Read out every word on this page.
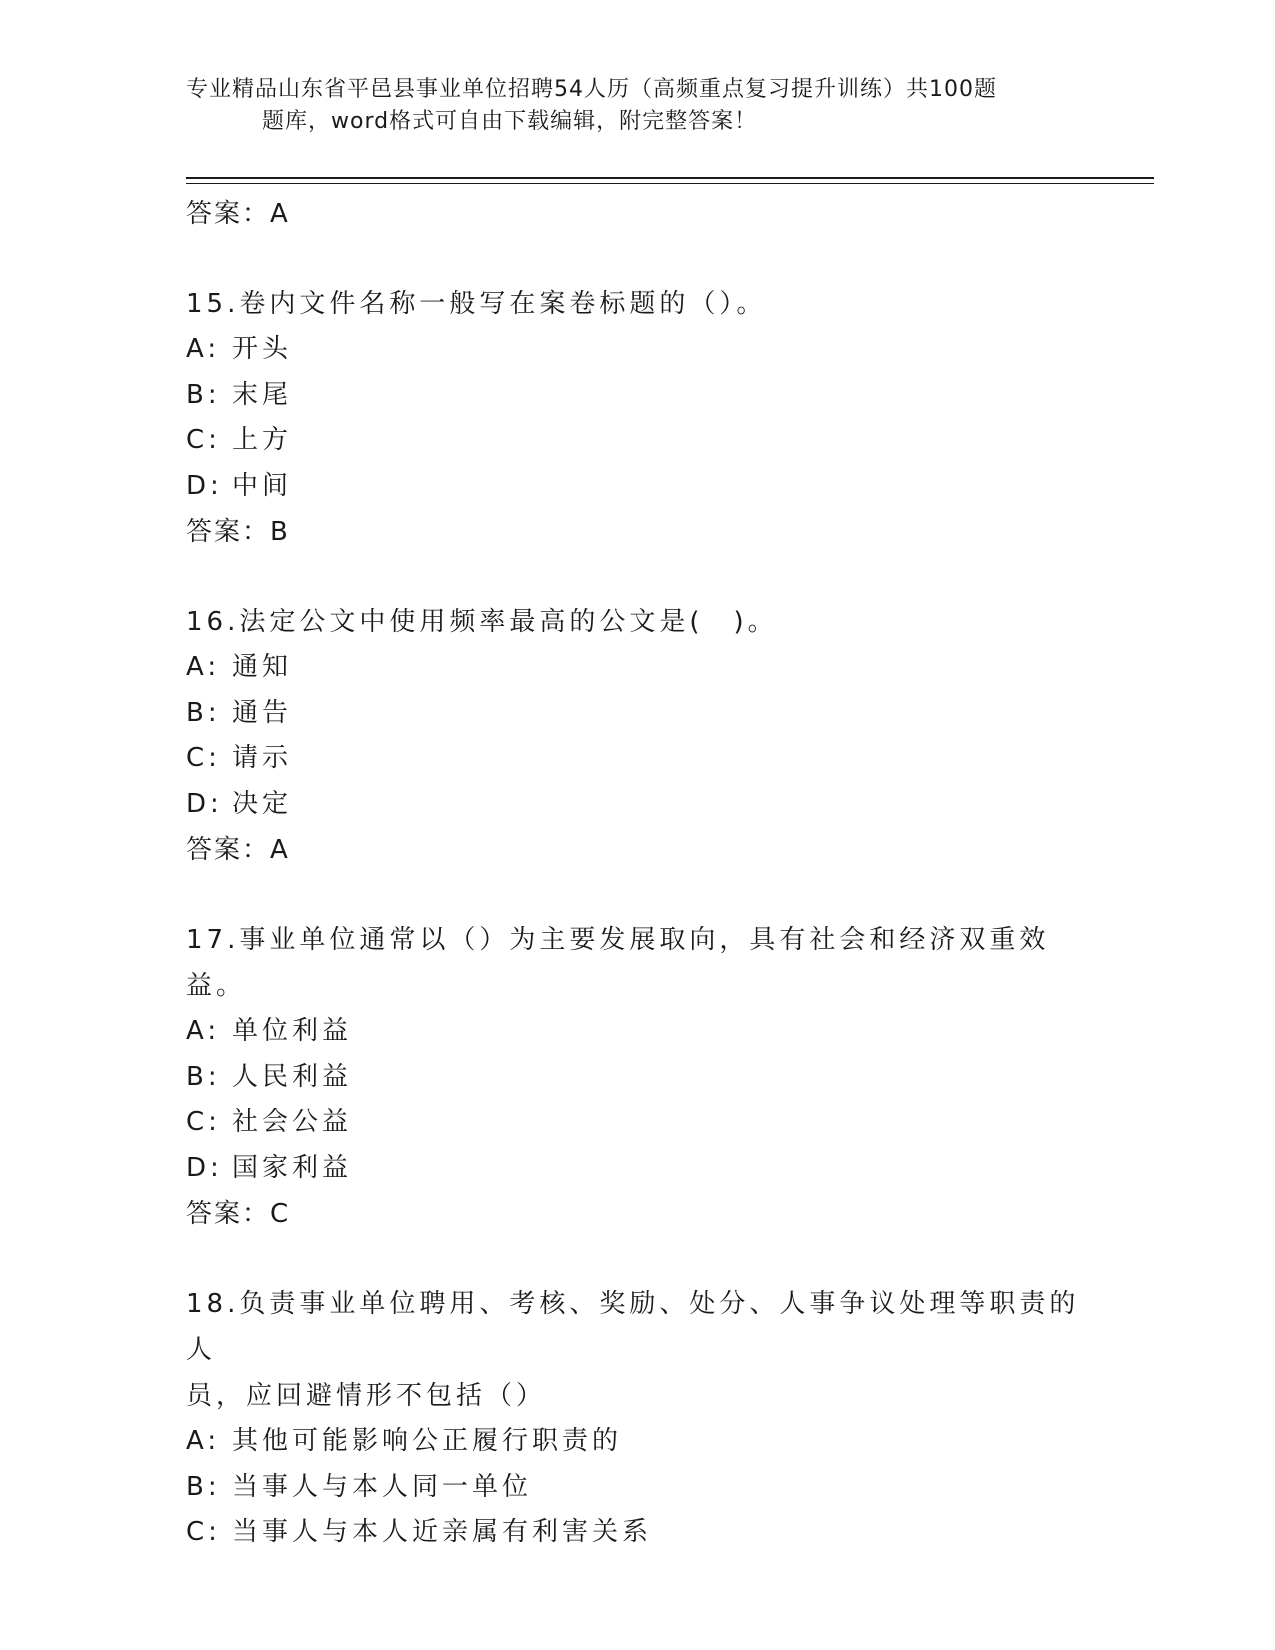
专业精品山东省平邑县事业单位招聘54人历（高频重点复习提升训练）共100题
题库，word格式可自由下载编辑，附完整答案！
答案：A
15.卷内文件名称一般写在案卷标题的（）。
A: 开头
B: 末尾
C: 上方
D: 中间
答案：B
16.法定公文中使用频率最高的公文是(　)。
A: 通知
B: 通告
C: 请示
D: 决定
答案：A
17.事业单位通常以（）为主要发展取向，具有社会和经济双重效益。
A: 单位利益
B: 人民利益
C: 社会公益
D: 国家利益
答案：C
18.负责事业单位聘用、考核、奖励、处分、人事争议处理等职责的人
员，应回避情形不包括（）
A: 其他可能影响公正履行职责的
B: 当事人与本人同一单位
C: 当事人与本人近亲属有利害关系
